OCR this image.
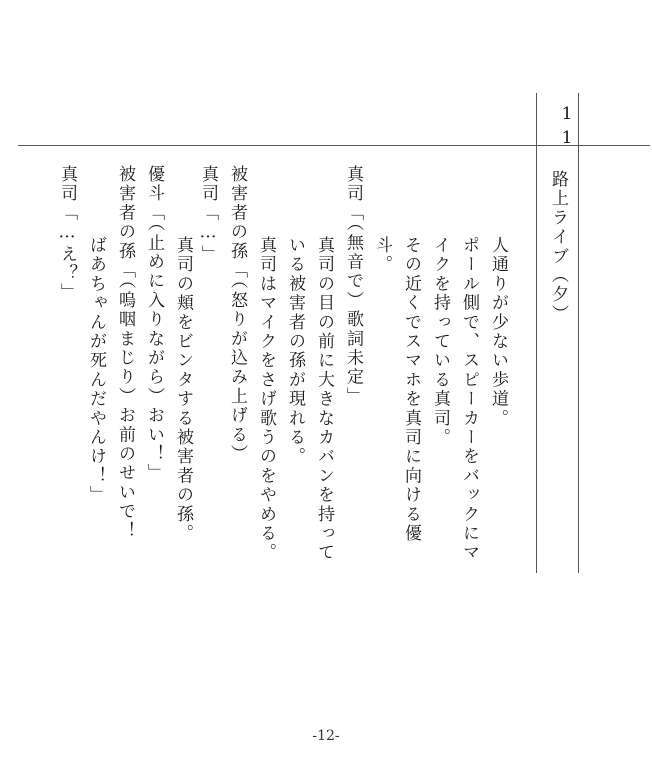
11
路上ライブ（夕）
人通りが少ない歩道。
ポール側で、スピーカーをバックにマ
イクを持っている真司。
その近くでスマホを真司に向ける優
斗。
真司「（無音で）歌詞未定」
真司の目の前に大きなカバンを持って
いる被害者の孫が現れる。
真司はマイクをさげ歌うのをやめる。
被害者の孫「（怒りが込み上げる）
真司「…」
真司の頬をビンタする被害者の孫。
優斗「（止めに入りながら）おい！」
被害者の孫「（嗚咽まじり）お前のせいで！
ばあちゃんが死んだやんけ！」
真司「…え？」
-12-
